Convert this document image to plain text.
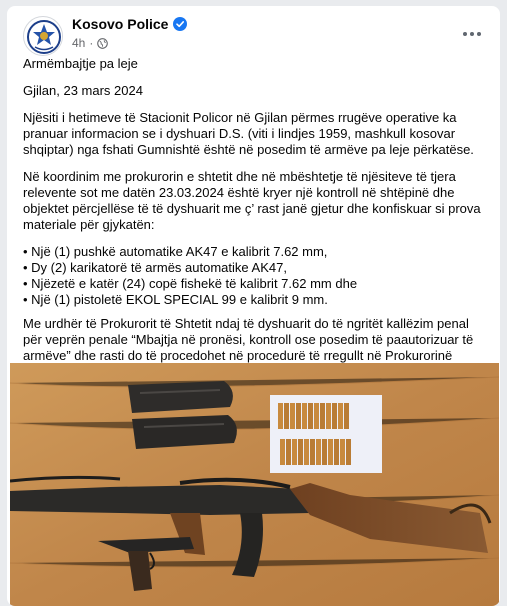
Kosovo Police
4h ·

Armëmbajtje pa leje

Gjilan, 23 mars 2024

Njësiti i hetimeve të Stacionit Policor në Gjilan përmes rrugëve operative ka pranuar informacion se i dyshuari D.S. (viti i lindjes 1959, mashkull kosovar shqiptar) nga fshati Gumnishtë është në posedim të armëve pa leje përkatëse.

Në koordinim me prokurorin e shtetit dhe në mbështetje të njësiteve të tjera relevente sot me datën 23.03.2024 është kryer një kontroll në shtëpinë dhe objektet përcjellëse të të dyshuarit me ç’ rast janë gjetur dhe konfiskuar si prova materiale për gjykatën:

• Një (1) pushkë automatike AK47 e kalibrit 7.62 mm,
• Dy (2) karikatorë të armës automatike AK47,
• Njëzetë e katër (24) copë fishekë të kalibrit 7.62 mm dhe
• Një (1) pistoletë EKOL SPECIAL 99 e kalibrit 9 mm.

Me urdhër të Prokurorit të Shtetit ndaj të dyshuarit do të ngritët kallëzim penal për veprën penale “Mbajtja në pronësi, kontroll ose posedim të paautorizuar të armëve” dhe rasti do të procedohet në procedurë të rregullt në Prokurorinë
